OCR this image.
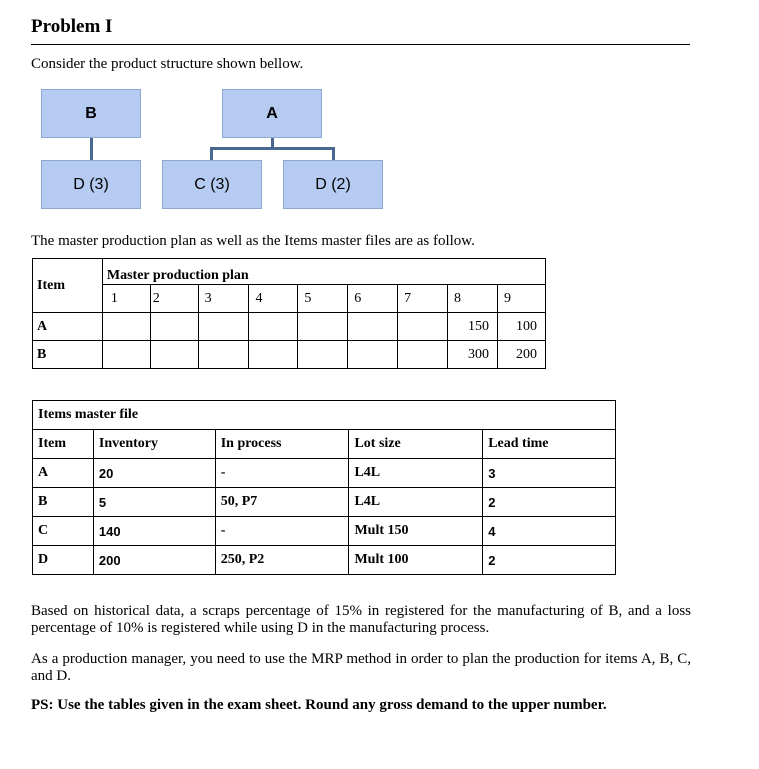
Problem I
Consider the product structure shown bellow.
B	A
D (3)	C (3)	D (2)
The master production plan as well as the Items master files are as follow.
Item	Master production plan								
	1	2	3	4	5	6	7	8	9
A								150	100
B								300	200
Items master file				
Item	Inventory	In process	Lot size	Lead time
A	20	-	L4L	3
B	5	50, P7	L4L	2
C	140	-	Mult 150	4
D	200	250, P2	Mult 100	2
Based on historical data, a scraps percentage of 15% in registered for the manufacturing of B, and a loss percentage of 10% is registered while using D in the manufacturing process.
As a production manager, you need to use the MRP method in order to plan the production for items A, B, C, and D.
PS: Use the tables given in the exam sheet. Round any gross demand to the upper number.
